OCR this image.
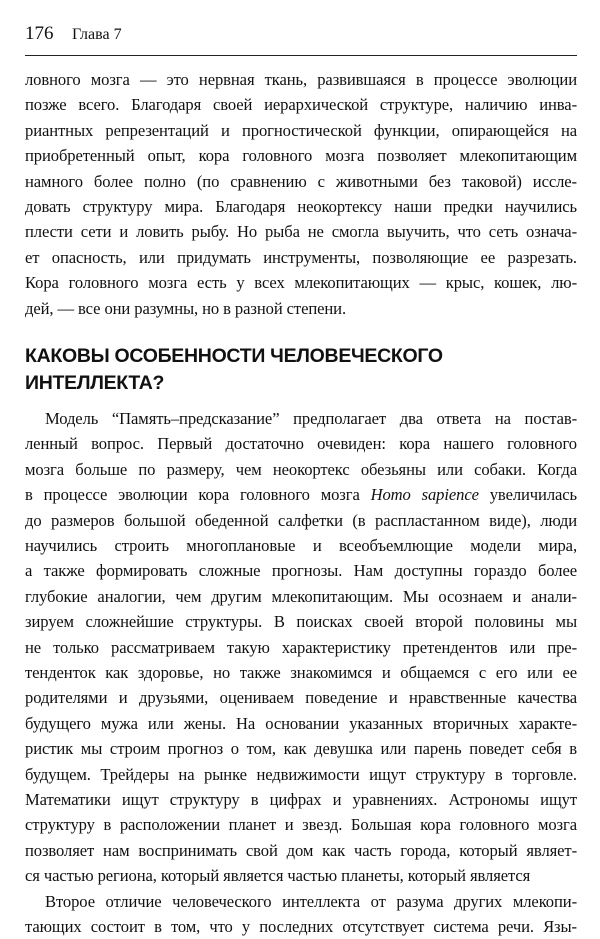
176 Глава 7
ловного мозга — это нервная ткань, развившаяся в процессе эволюции
позже всего. Благодаря своей иерархической структуре, наличию инва-
риантных репрезентаций и прогностической функции, опирающейся на
приобретенный опыт, кора головного мозга позволяет млекопитающим
намного более полно (по сравнению с животными без таковой) иссле-
довать структуру мира. Благодаря неокортексу наши предки научились
плести сети и ловить рыбу. Но рыба не смогла выучить, что сеть означа-
ет опасность, или придумать инструменты, позволяющие ее разрезать.
Кора головного мозга есть у всех млекопитающих — крыс, кошек, лю-
дей, — все они разумны, но в разной степени.
КАКОВЫ ОСОБЕННОСТИ ЧЕЛОВЕЧЕСКОГО
ИНТЕЛЛЕКТА?
Модель “Память–предсказание” предполагает два ответа на постав-
ленный вопрос. Первый достаточно очевиден: кора нашего головного
мозга больше по размеру, чем неокортекс обезьяны или собаки. Когда
в процессе эволюции кора головного мозга Homo sapience увеличилась
до размеров большой обеденной салфетки (в распластанном виде), люди
научились строить многоплановые и всеобъемлющие модели мира,
а также формировать сложные прогнозы. Нам доступны гораздо более
глубокие аналогии, чем другим млекопитающим. Мы осознаем и анали-
зируем сложнейшие структуры. В поисках своей второй половины мы
не только рассматриваем такую характеристику претендентов или пре-
тенденток как здоровье, но также знакомимся и общаемся с его или ее
родителями и друзьями, оцениваем поведение и нравственные качества
будущего мужа или жены. На основании указанных вторичных характе-
ристик мы строим прогноз о том, как девушка или парень поведет себя в
будущем. Трейдеры на рынке недвижимости ищут структуру в торговле.
Математики ищут структуру в цифрах и уравнениях. Астрономы ищут
структуру в расположении планет и звезд. Большая кора головного мозга
позволяет нам воспринимать свой дом как часть города, который являет-
ся частью региона, который является частью планеты, который является
Второе отличие человеческого интеллекта от разума других млекопи-
тающих состоит в том, что у последних отсутствует система речи. Язы-
